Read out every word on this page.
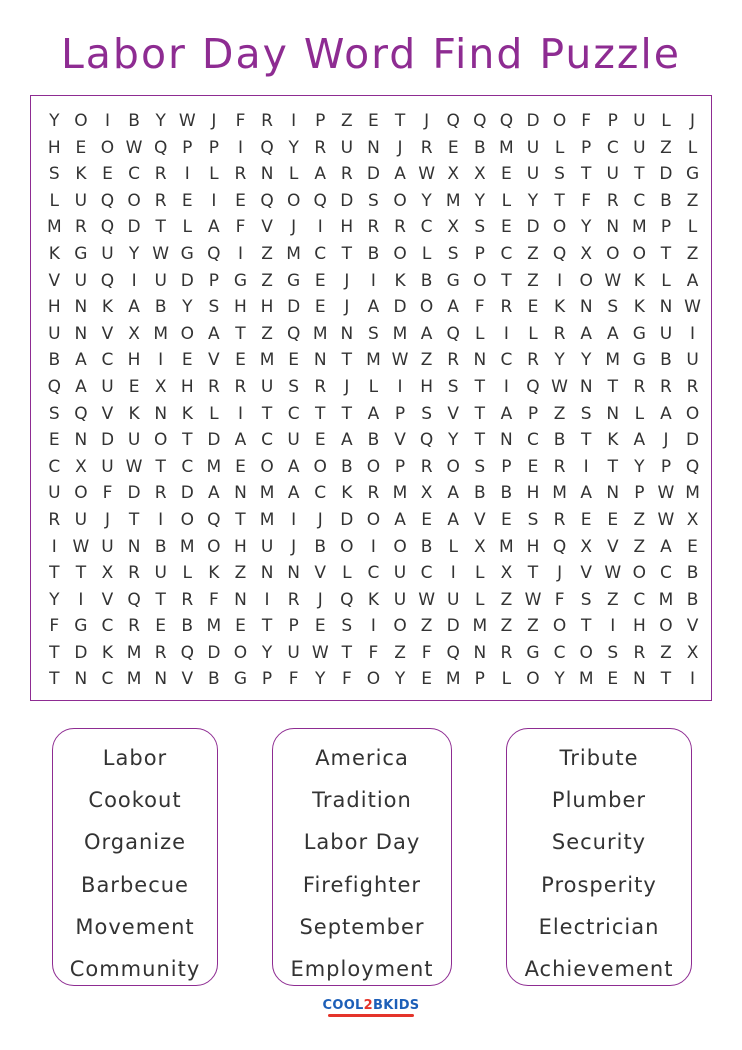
Labor Day Word Find Puzzle
Y O	I	B Y W J	F R	I	P Z E T	J	Q Q Q D O F P U L	J
H E O W Q P P	I	Q Y R U N	J	R E B M U L P C U Z L
S K E C R	I	L R N L A R D A W X X E U S T U T D G
L U Q O R E	I	E Q O Q D S O Y M Y L Y T F R C B Z
M R Q D T L A F V	J	I	H R R C X S E D O Y N M P L
K G U Y W G Q	I	Z M C T B O L S P C Z Q X O O T Z
V U Q	I	U D P G Z G E	J	I	K B G O T Z	I	O W K L A
H N K A B Y S H H D E	J	A D O A F R E K N S K N W
U N V X M O A T Z Q M N S M A Q L	I	L R A A G U	I
B A C H	I	E V E M E N T M W Z R N C R Y Y M G B U
Q A U E X H R R U S R	J	L	I	H S T	I	Q W N T R R R
S Q V K N K L	I	T C T T A P S V T A P Z S N L A O
E N D U O T D A C U E A B V Q Y T N C B T K A	J	D
C X U W T C M E O A O B O P R O S P E R	I	T Y P Q
U O F D R D A N M A C K R M X A B B H M A N P W M
R U	J	T	I	O Q T M I	J	D O A E A V E S R E E Z W X
I W U N B M O H U	J	B O	I	O B L X M H Q X V Z A E
T T X R U L K Z N N V L C U C	I	L X T	J	V W O C B
Y	I	V Q T R F N	I	R	J	Q K U W U L Z W F S Z C M B
F G C R E B M E T P E S	I	O Z D M Z Z O T	I	H O V
T D K M R Q D O Y U W T F Z F Q N R G C O S R Z X
T N C M N V B G P F Y F O Y E M P L O Y M E N T	I
Labor
Cookout
Organize
Barbecue
Movement
Community
America
Tradition
Labor Day
Firefighter
September
Employment
Tribute
Plumber
Security
Prosperity
Electrician
Achievement
COOL2BKIDS
